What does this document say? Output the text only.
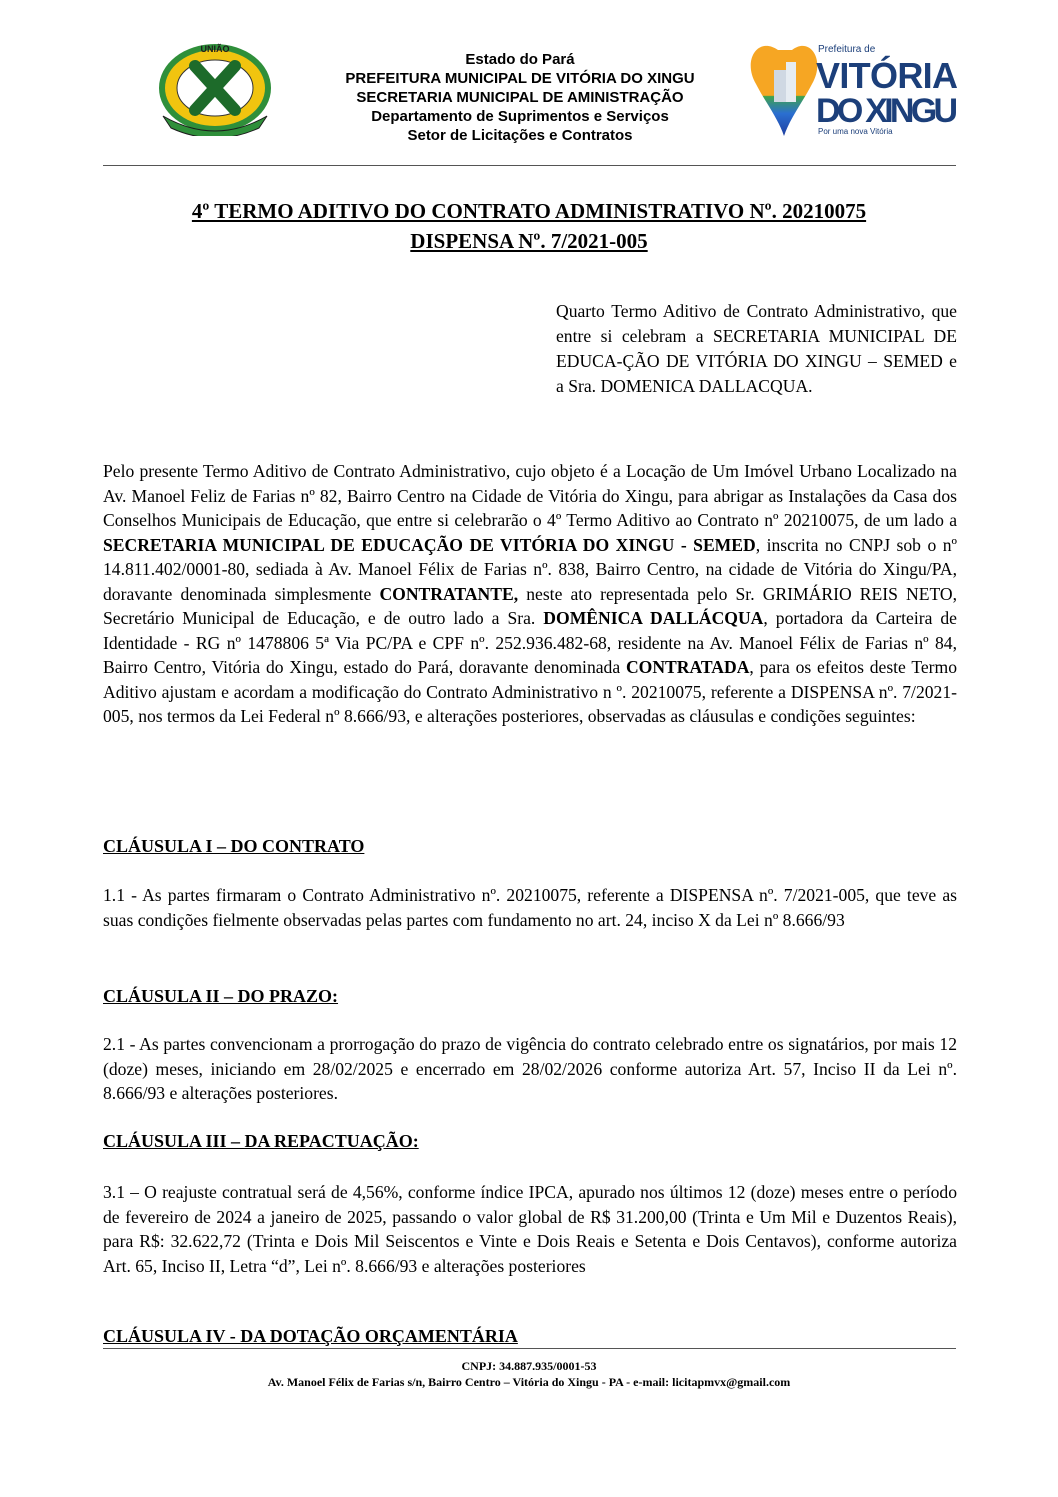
UNIÃO
Estado do Pará
PREFEITURA MUNICIPAL DE VITÓRIA DO XINGU
SECRETARIA MUNICIPAL DE AMINISTRAÇÃO
Departamento de Suprimentos e Serviços
Setor de Licitações e Contratos
Prefeitura de
VITÓRIA
DO XINGU
Por uma nova Vitória
4º TERMO ADITIVO DO CONTRATO ADMINISTRATIVO Nº. 20210075
DISPENSA Nº. 7/2021-005
Quarto Termo Aditivo de Contrato Administrativo, que entre si celebram a SECRETARIA MUNICIPAL DE EDUCA-ÇÃO DE VITÓRIA DO XINGU – SEMED e
a Sra. DOMENICA DALLACQUA.
Pelo presente Termo Aditivo de Contrato Administrativo, cujo objeto é a Locação de Um Imóvel Urbano Localizado na Av. Manoel Feliz de Farias nº 82, Bairro Centro na Cidade de Vitória do Xingu, para abrigar as Instalações da Casa dos Conselhos Municipais de Educação, que entre si celebrarão o 4º Termo Aditivo ao Contrato nº 20210075, de um lado a SECRETARIA MUNICIPAL DE EDUCAÇÃO DE VITÓRIA DO XINGU - SEMED, inscrita no CNPJ sob o nº 14.811.402/0001-80, sediada à Av. Manoel Félix de Farias nº. 838, Bairro Centro, na cidade de Vitória do Xingu/PA, doravante denominada simplesmente CONTRATANTE, neste ato representada pelo Sr. GRIMÁRIO REIS NETO, Secretário Municipal de Educação, e de outro lado a Sra. DOMÊNICA DALLÁCQUA, portadora da Carteira de Identidade - RG nº 1478806 5ª Via PC/PA e CPF nº. 252.936.482-68, residente na Av. Manoel Félix de Farias nº 84, Bairro Centro, Vitória do Xingu, estado do Pará, doravante denominada CONTRATADA, para os efeitos deste Termo Aditivo ajustam e acordam a modificação do Contrato Administrativo n º. 20210075, referente a DISPENSA nº. 7/2021-005, nos termos da Lei Federal nº 8.666/93, e alterações posteriores, observadas as cláusulas e condições seguintes:
CLÁUSULA I – DO CONTRATO
1.1 - As partes firmaram o Contrato Administrativo nº. 20210075, referente a DISPENSA nº. 7/2021-005, que teve as suas condições fielmente observadas pelas partes com fundamento no art. 24, inciso X da Lei nº 8.666/93
CLÁUSULA II – DO PRAZO:
2.1 - As partes convencionam a prorrogação do prazo de vigência do contrato celebrado entre os signatários, por mais 12 (doze) meses, iniciando em 28/02/2025 e encerrado em 28/02/2026 conforme autoriza Art. 57, Inciso II da Lei nº. 8.666/93 e alterações posteriores.
CLÁUSULA III – DA REPACTUAÇÃO:
3.1 – O reajuste contratual será de 4,56%, conforme índice IPCA, apurado nos últimos 12 (doze) meses entre o período de fevereiro de 2024 a janeiro de 2025, passando o valor global de R$ 31.200,00 (Trinta e Um Mil e Duzentos Reais), para R$: 32.622,72 (Trinta e Dois Mil Seiscentos e Vinte e Dois Reais e Setenta e Dois Centavos), conforme autoriza Art. 65, Inciso II, Letra “d”, Lei nº. 8.666/93 e alterações posteriores
CLÁUSULA IV - DA DOTAÇÃO ORÇAMENTÁRIA
CNPJ: 34.887.935/0001-53
Av. Manoel Félix de Farias s/n, Bairro Centro – Vitória do Xingu - PA - e-mail: licitapmvx@gmail.com
